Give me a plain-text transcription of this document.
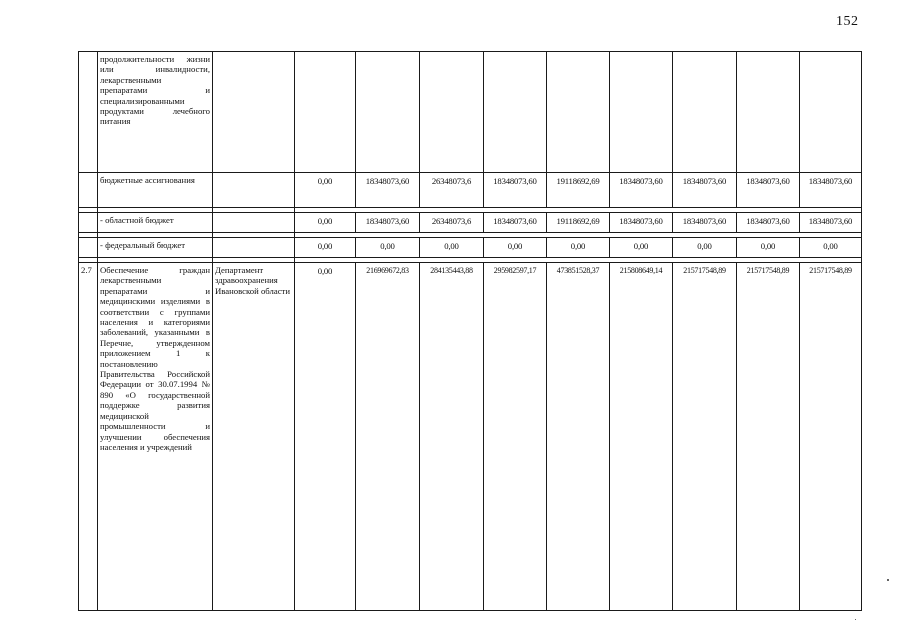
152
	продолжительности жизни или инвалидности, лекарственными препаратами и специализированными продуктами лечебного питания										
	бюджетные ассигнования		0,00	18348073,60	26348073,6	18348073,60	19118692,69	18348073,60	18348073,60	18348073,60	18348073,60

	- областной бюджет		0,00	18348073,60	26348073,6	18348073,60	19118692,69	18348073,60	18348073,60	18348073,60	18348073,60

	- федеральный бюджет		0,00	0,00	0,00	0,00	0,00	0,00	0,00	0,00	0,00

2.7	Обеспечение граждан лекарственными препаратами и медицинскими изделиями в соответствии с группами населения и категориями заболеваний, указанными в Перечне, утвержденном приложением 1 к постановлению Правительства Российской Федерации от 30.07.1994 № 890 «О государственной поддержке развития медицинской промышленности и улучшении обеспечения населения и учреждений	Департамент здравоохранения Ивановской области	0,00	216969672,83	284135443,88	295982597,17	473851528,37	215808649,14	215717548,89	215717548,89	215717548,89
